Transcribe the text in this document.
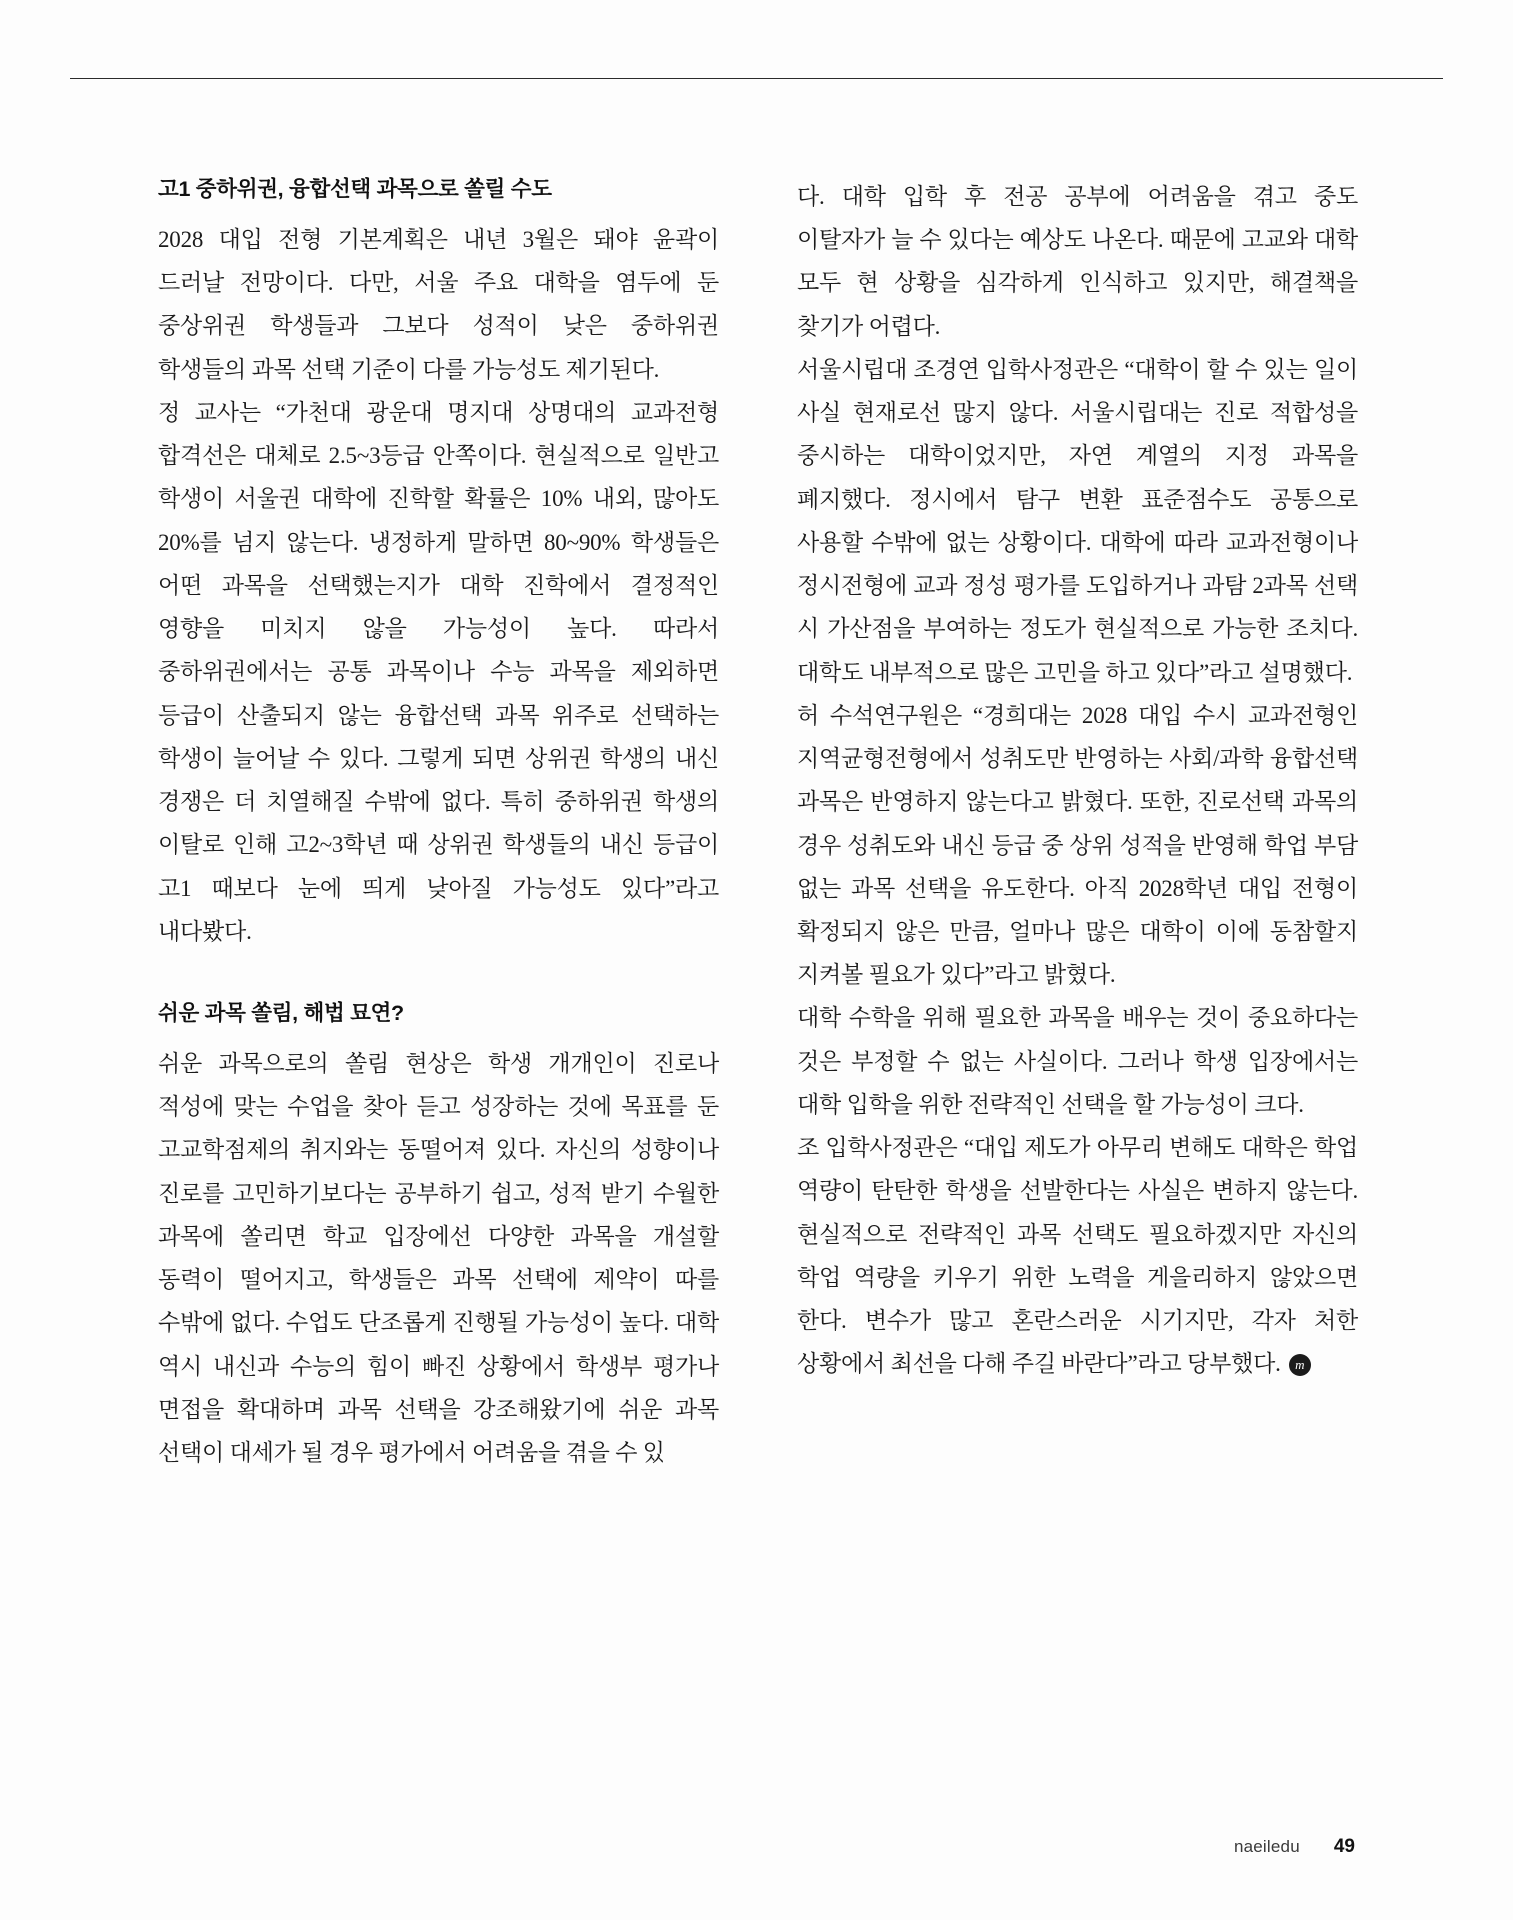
고1 중하위권, 융합선택 과목으로 쏠릴 수도

2028 대입 전형 기본계획은 내년 3월은 돼야 윤곽이 드러날 전망이다. 다만, 서울 주요 대학을 염두에 둔 중상위권 학생들과 그보다 성적이 낮은 중하위권 학생들의 과목 선택 기준이 다를 가능성도 제기된다.

정 교사는 “가천대 광운대 명지대 상명대의 교과전형 합격선은 대체로 2.5~3등급 안쪽이다. 현실적으로 일반고 학생이 서울권 대학에 진학할 확률은 10% 내외, 많아도 20%를 넘지 않는다. 냉정하게 말하면 80~90% 학생들은 어떤 과목을 선택했는지가 대학 진학에서 결정적인 영향을 미치지 않을 가능성이 높다. 따라서 중하위권에서는 공통 과목이나 수능 과목을 제외하면 등급이 산출되지 않는 융합선택 과목 위주로 선택하는 학생이 늘어날 수 있다. 그렇게 되면 상위권 학생의 내신 경쟁은 더 치열해질 수밖에 없다. 특히 중하위권 학생의 이탈로 인해 고2~3학년 때 상위권 학생들의 내신 등급이 고1 때보다 눈에 띄게 낮아질 가능성도 있다”라고 내다봤다.

쉬운 과목 쏠림, 해법 묘연?

쉬운 과목으로의 쏠림 현상은 학생 개개인이 진로나 적성에 맞는 수업을 찾아 듣고 성장하는 것에 목표를 둔 고교학점제의 취지와는 동떨어져 있다. 자신의 성향이나 진로를 고민하기보다는 공부하기 쉽고, 성적 받기 수월한 과목에 쏠리면 학교 입장에선 다양한 과목을 개설할 동력이 떨어지고, 학생들은 과목 선택에 제약이 따를 수밖에 없다. 수업도 단조롭게 진행될 가능성이 높다. 대학 역시 내신과 수능의 힘이 빠진 상황에서 학생부 평가나 면접을 확대하며 과목 선택을 강조해왔기에 쉬운 과목 선택이 대세가 될 경우 평가에서 어려움을 겪을 수 있

다. 대학 입학 후 전공 공부에 어려움을 겪고 중도 이탈자가 늘 수 있다는 예상도 나온다. 때문에 고교와 대학 모두 현 상황을 심각하게 인식하고 있지만, 해결책을 찾기가 어렵다.

서울시립대 조경연 입학사정관은 “대학이 할 수 있는 일이 사실 현재로선 많지 않다. 서울시립대는 진로 적합성을 중시하는 대학이었지만, 자연 계열의 지정 과목을 폐지했다. 정시에서 탐구 변환 표준점수도 공통으로 사용할 수밖에 없는 상황이다. 대학에 따라 교과전형이나 정시전형에 교과 정성 평가를 도입하거나 과탐 2과목 선택 시 가산점을 부여하는 정도가 현실적으로 가능한 조치다. 대학도 내부적으로 많은 고민을 하고 있다”라고 설명했다.

허 수석연구원은 “경희대는 2028 대입 수시 교과전형인 지역균형전형에서 성취도만 반영하는 사회/과학 융합선택 과목은 반영하지 않는다고 밝혔다. 또한, 진로선택 과목의 경우 성취도와 내신 등급 중 상위 성적을 반영해 학업 부담 없는 과목 선택을 유도한다. 아직 2028학년 대입 전형이 확정되지 않은 만큼, 얼마나 많은 대학이 이에 동참할지 지켜볼 필요가 있다”라고 밝혔다.

대학 수학을 위해 필요한 과목을 배우는 것이 중요하다는 것은 부정할 수 없는 사실이다. 그러나 학생 입장에서는 대학 입학을 위한 전략적인 선택을 할 가능성이 크다.

조 입학사정관은 “대입 제도가 아무리 변해도 대학은 학업 역량이 탄탄한 학생을 선발한다는 사실은 변하지 않는다. 현실적으로 전략적인 과목 선택도 필요하겠지만 자신의 학업 역량을 키우기 위한 노력을 게을리하지 않았으면 한다. 변수가 많고 혼란스러운 시기지만, 각자 처한 상황에서 최선을 다해 주길 바란다”라고 당부했다. m

naeiledu 49
